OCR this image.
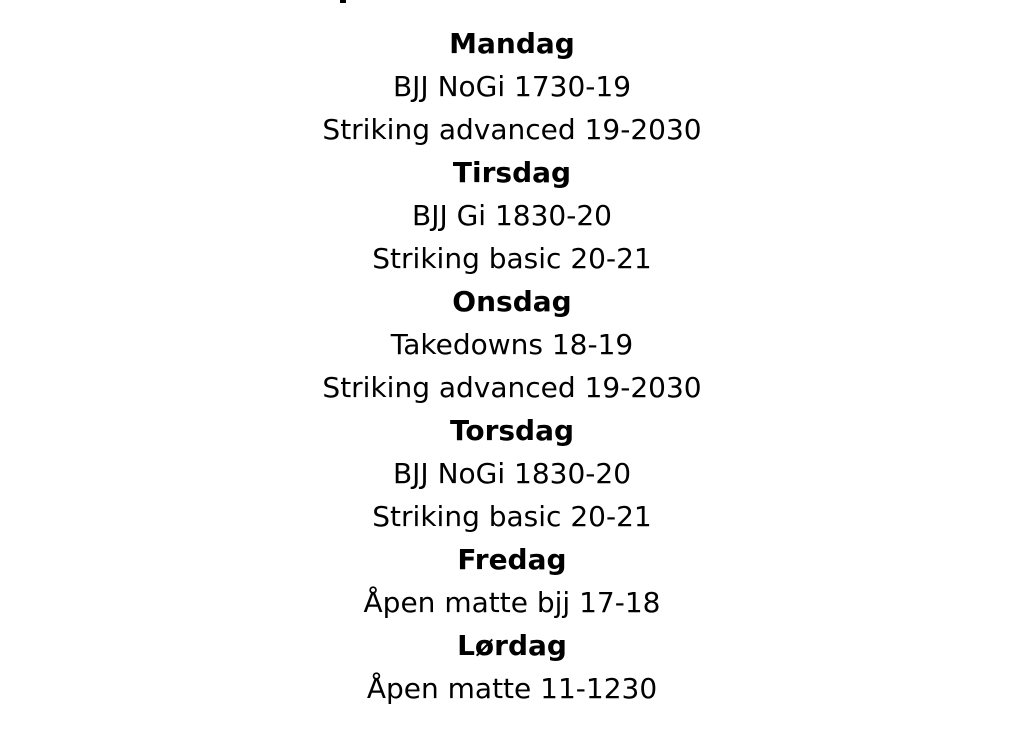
Mandag
BJJ NoGi 1730-19
Striking advanced 19-2030
Tirsdag
BJJ Gi 1830-20
Striking basic 20-21
Onsdag
Takedowns 18-19
Striking advanced 19-2030
Torsdag
BJJ NoGi 1830-20
Striking basic 20-21
Fredag
Åpen matte bjj 17-18
Lørdag
Åpen matte 11-1230
